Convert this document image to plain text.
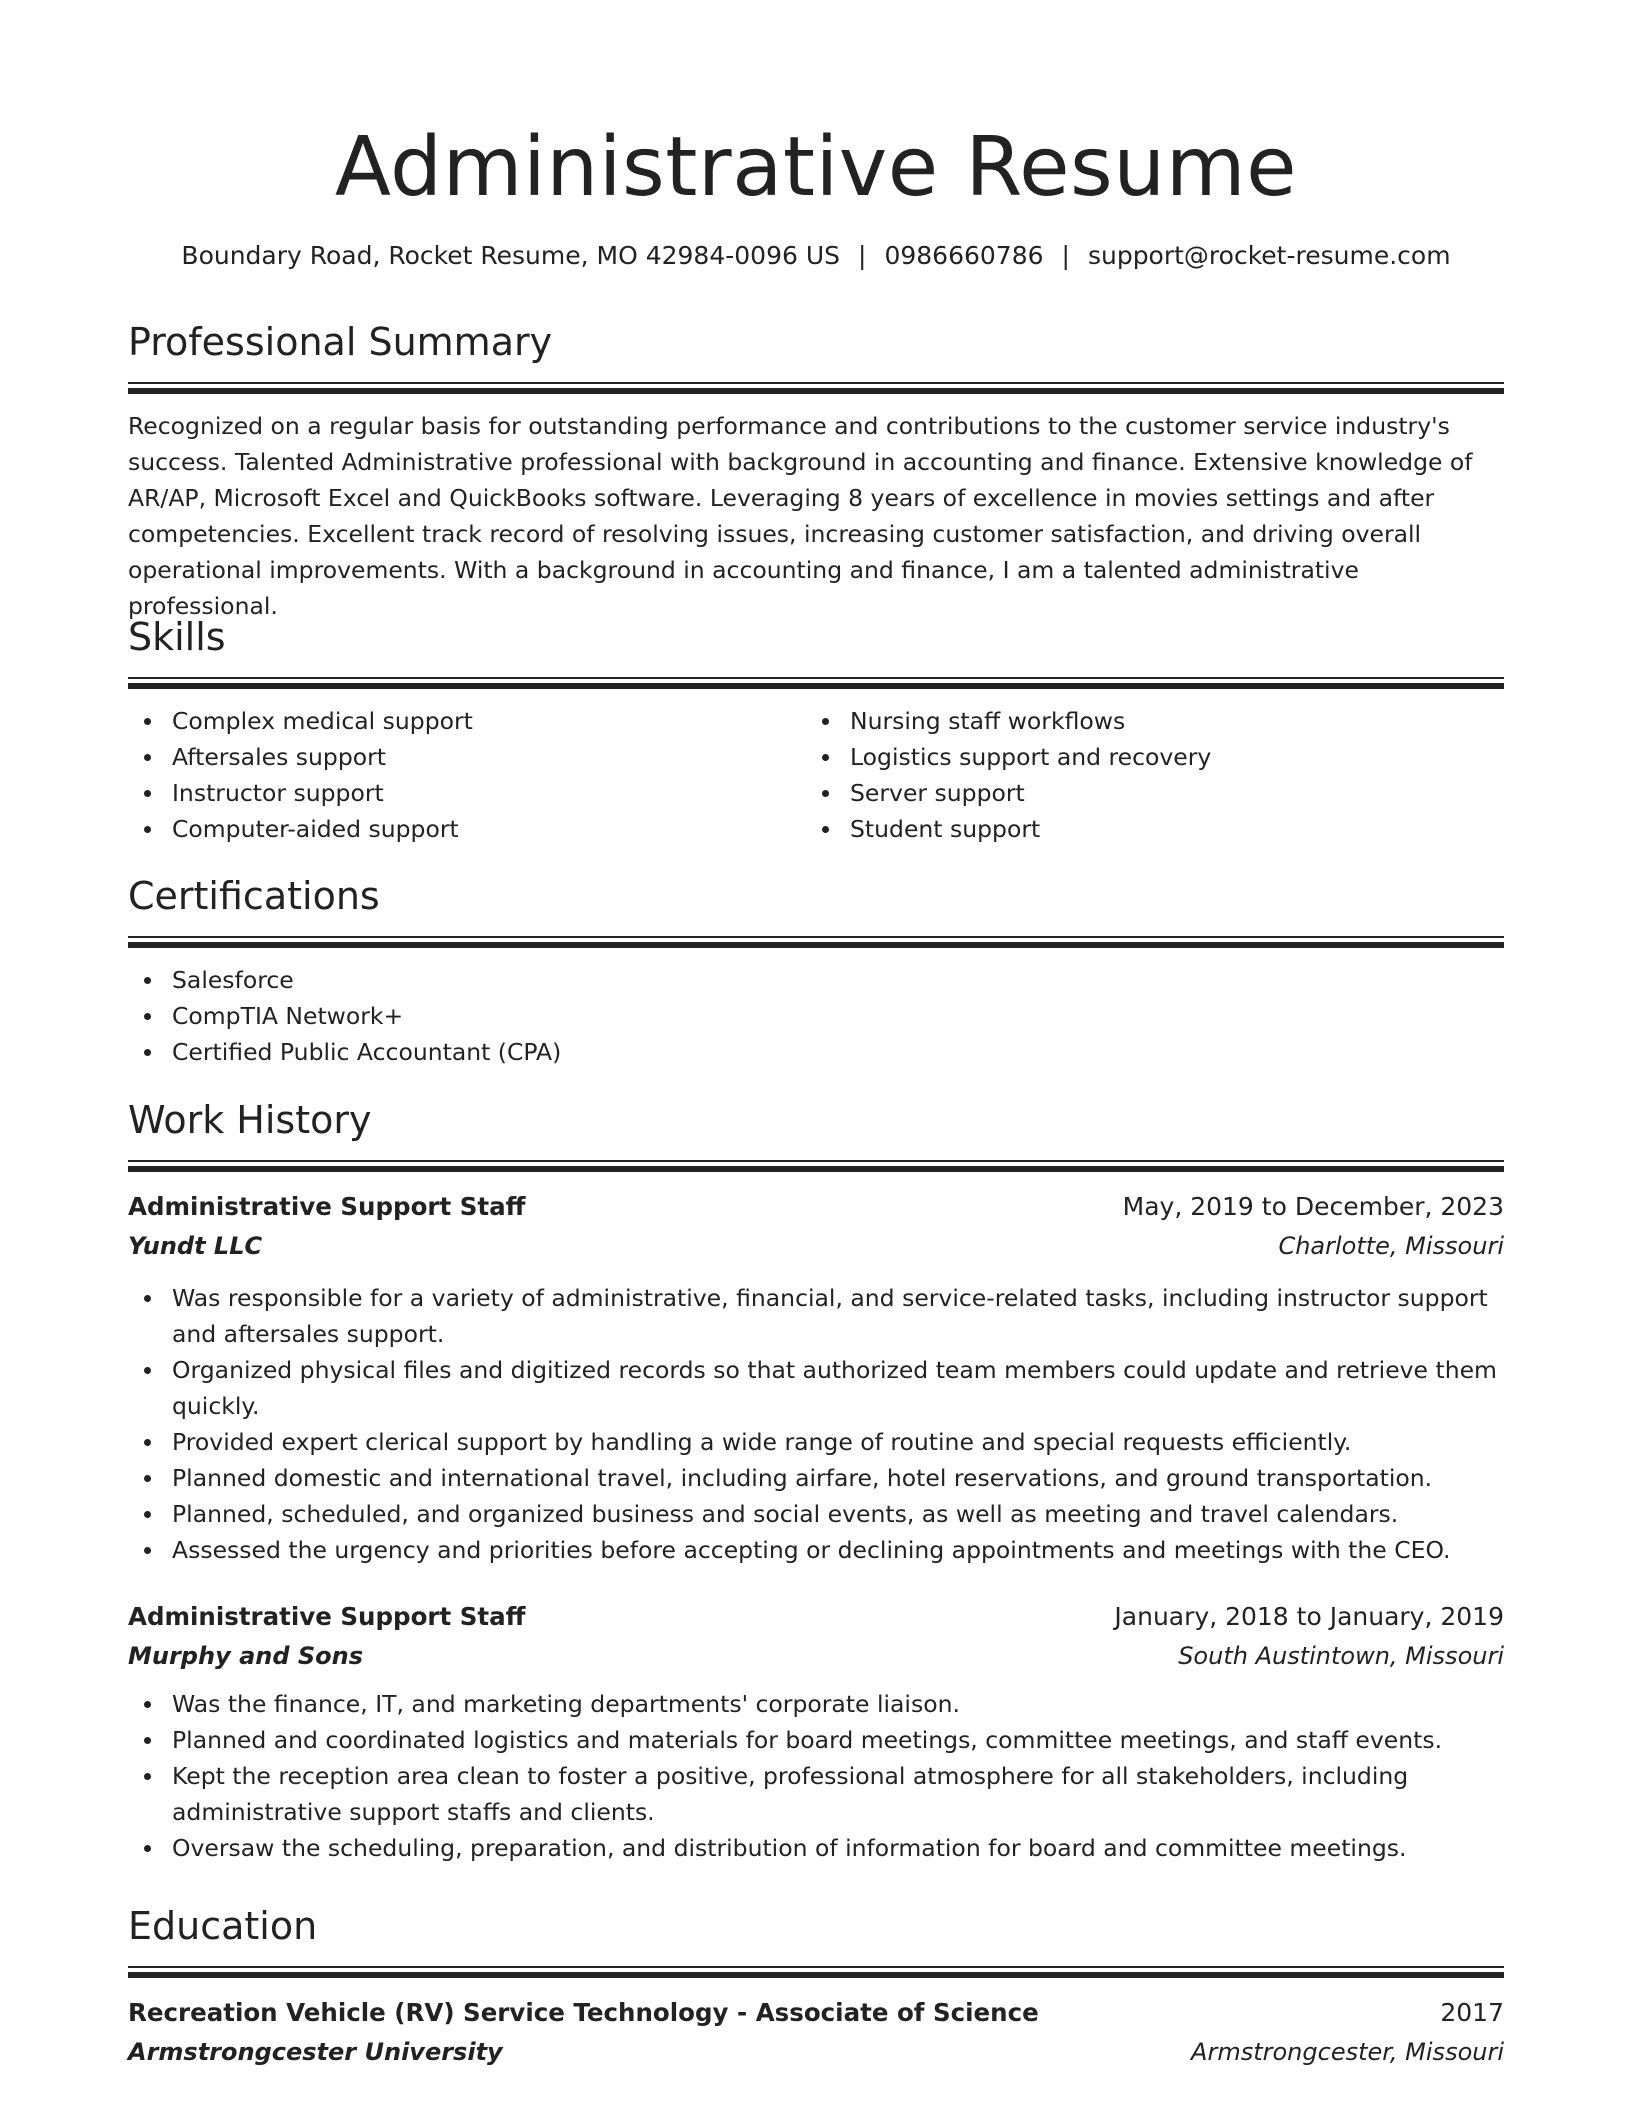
Administrative Resume
Boundary Road, Rocket Resume, MO 42984-0096 US | 0986660786 | support@rocket-resume.com
Professional Summary

Recognized on a regular basis for outstanding performance and contributions to the customer service industry's success. Talented Administrative professional with background in accounting and finance. Extensive knowledge of AR/AP, Microsoft Excel and QuickBooks software. Leveraging 8 years of excellence in movies settings and after competencies. Excellent track record of resolving issues, increasing customer satisfaction, and driving overall operational improvements. With a background in accounting and finance, I am a talented administrative professional.

Skills
Complex medical support
Aftersales support
Instructor support
Computer-aided support
Nursing staff workflows
Logistics support and recovery
Server support
Student support
Certifications
Salesforce
CompTIA Network+
Certified Public Accountant (CPA)
Work History
Administrative Support Staff	May, 2019 to December, 2023
Yundt LLC	Charlotte, Missouri
Was responsible for a variety of administrative, financial, and service-related tasks, including instructor support and aftersales support.
Organized physical files and digitized records so that authorized team members could update and retrieve them quickly.
Provided expert clerical support by handling a wide range of routine and special requests efficiently.
Planned domestic and international travel, including airfare, hotel reservations, and ground transportation.
Planned, scheduled, and organized business and social events, as well as meeting and travel calendars.
Assessed the urgency and priorities before accepting or declining appointments and meetings with the CEO.
Administrative Support Staff	January, 2018 to January, 2019
Murphy and Sons	South Austintown, Missouri
Was the finance, IT, and marketing departments' corporate liaison.
Planned and coordinated logistics and materials for board meetings, committee meetings, and staff events.
Kept the reception area clean to foster a positive, professional atmosphere for all stakeholders, including administrative support staffs and clients.
Oversaw the scheduling, preparation, and distribution of information for board and committee meetings.
Education
Recreation Vehicle (RV) Service Technology - Associate of Science	2017
Armstrongcester University	Armstrongcester, Missouri
